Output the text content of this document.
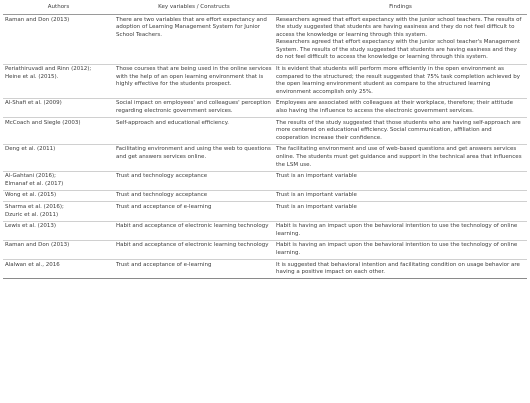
Authors	Key variables / Constructs	Findings

Raman and Don (2013)	There are two variables that are effort expectancy and adoption of Learning Management System for Junior School Teachers.	Researchers agreed that effort expectancy with the junior school teachers. The results of the study suggested that students are having easiness and they do not feel difficult to access the knowledge or learning through this system.
Researchers agreed that effort expectancy with the junior school teacher's Management System. The results of the study suggested that students are having easiness and they do not feel difficult to access the knowledge or learning through this system.

Periathiruvadi and Rinn (2012);
Heine et al. (2015).	Those courses that are being used in the online services with the help of an open learning environment that is highly effective for the students prospect.	It is evident that students will perform more efficiently in the open environment as compared to the structured; the result suggested that 75% task completion achieved by the open learning environment student as compare to the structured learning environment accomplish only 25%.

Al-Shafi et al. (2009)	Social impact on employees' and colleagues' perception regarding electronic government services.	Employees are associated with colleagues at their workplace, therefore; their attitude also having the influence to access the electronic government services.

McCoach and Siegle (2003)	Self-approach and educational efficiency.	The results of the study suggested that those students who are having self-approach are more centered on educational efficiency. Social communication, affiliation and cooperation increase their confidence.

Deng et al. (2011)	Facilitating environment and using the web to questions and get answers services online.	The facilitating environment and use of web-based questions and get answers services online. The students must get guidance and support in the technical area that influences the LSM use.

Al-Gahtani (2016);
Elmanaf et al. (2017)	Trust and technology acceptance	Trust is an important variable

Wong et al. (2015)	Trust and technology acceptance	Trust is an important variable

Sharma et al. (2016);
Dzuric et al. (2011)	Trust and acceptance of e-learning	Trust is an important variable

Lewis et al. (2013)	Habit and acceptance of electronic learning technology	Habit is having an impact upon the behavioral intention to use the technology of online learning.

Raman and Don (2013)	Habit and acceptance of electronic learning technology	Habit is having an impact upon the behavioral intention to use the technology of online learning.

Alalwan et al., 2016	Trust and acceptance of e-learning	It is suggested that behavioral intention and facilitating condition on usage behavior are having a positive impact on each other.
